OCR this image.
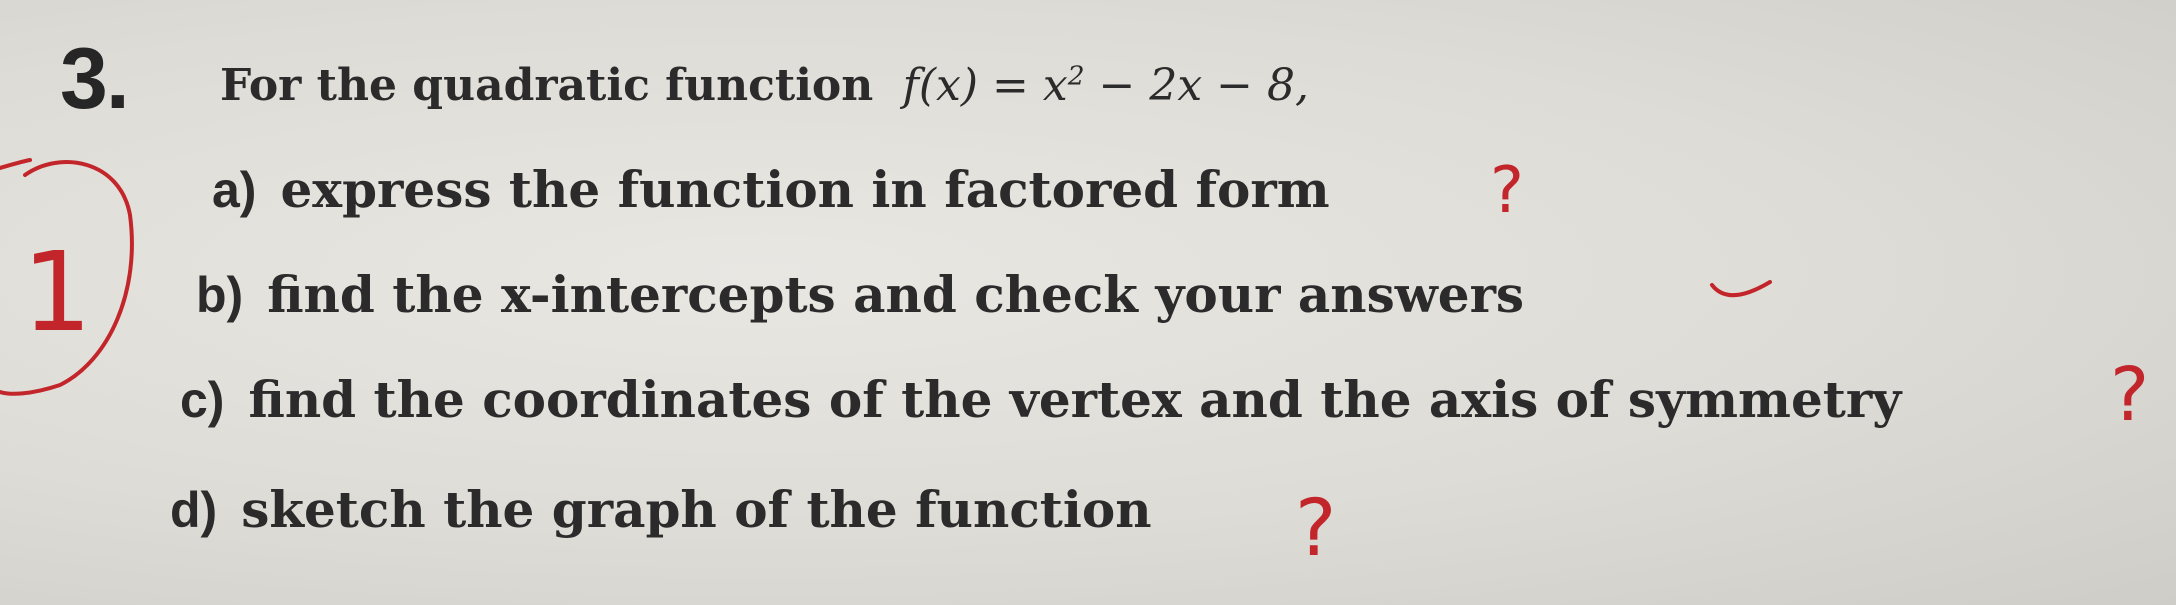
3. For the quadratic function $f(x) = x^2 - 2x - 8$,
a) express the function in factored form
b) find the x-intercepts and check your answers
c) find the coordinates of the vertex and the axis of symmetry
d) sketch the graph of the function
1
?
?
?
